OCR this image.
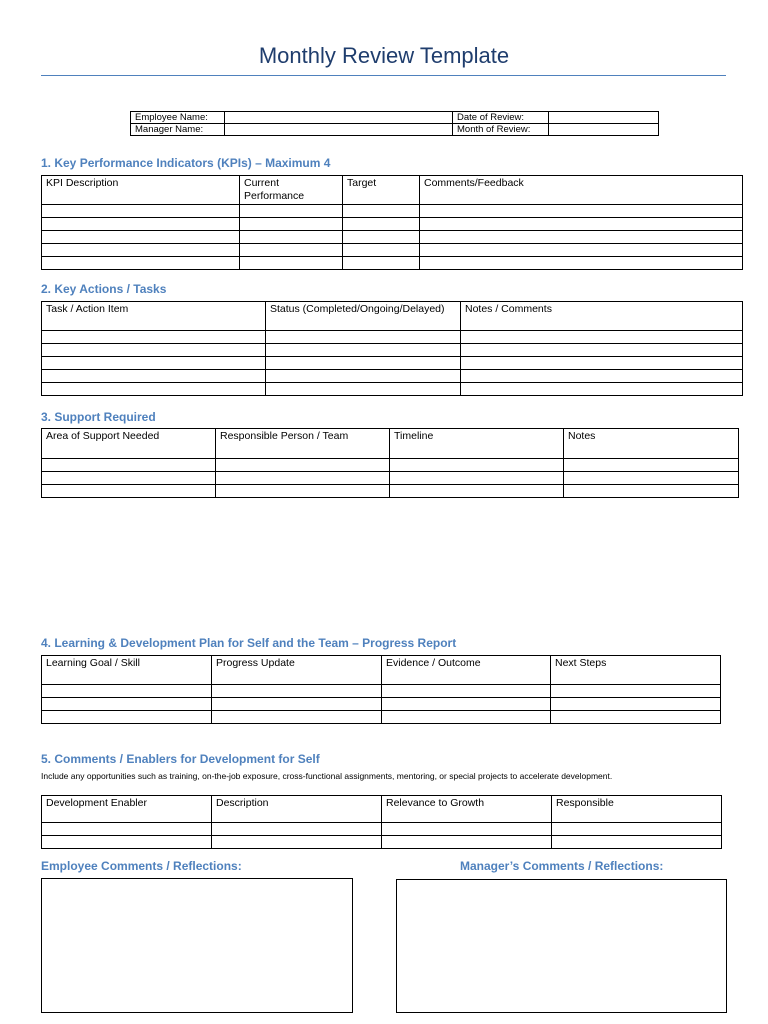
Monthly Review Template
Employee Name:		Date of Review:	
Manager Name:		Month of Review:	
1. Key Performance Indicators (KPIs) – Maximum 4
KPI Description	Current Performance	Target	Comments/Feedback

2. Key Actions / Tasks
Task / Action Item	Status (Completed/Ongoing/Delayed)	Notes / Comments

3. Support Required
Area of Support Needed	Responsible Person / Team	Timeline	Notes

4. Learning & Development Plan for Self and the Team – Progress Report
Learning Goal / Skill	Progress Update	Evidence / Outcome	Next Steps

5. Comments / Enablers for Development for Self
Include any opportunities such as training, on-the-job exposure, cross-functional assignments, mentoring, or special projects to accelerate development.
Development Enabler	Description	Relevance to Growth	Responsible

Employee Comments / Reflections:	Manager’s Comments / Reflections:
